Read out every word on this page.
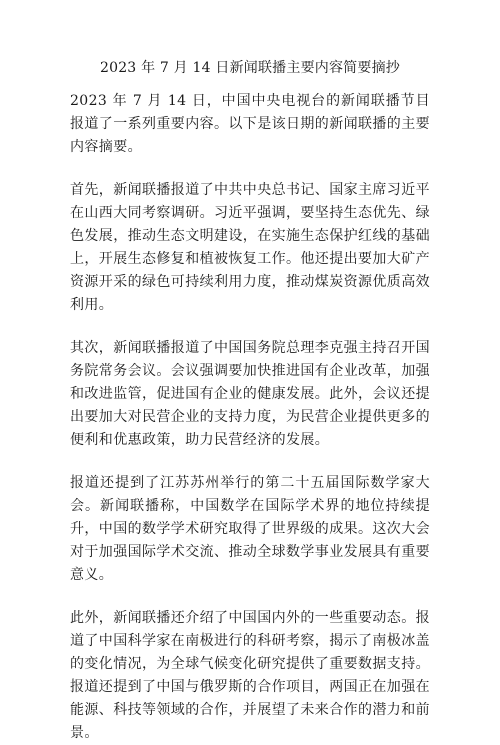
2023 年 7 月 14 日新闻联播主要内容简要摘抄

2023 年 7 月 14 日，中国中央电视台的新闻联播节目报道了一系列重要内容。以下是该日期的新闻联播的主要内容摘要。

首先，新闻联播报道了中共中央总书记、国家主席习近平在山西大同考察调研。习近平强调，要坚持生态优先、绿色发展，推动生态文明建设，在实施生态保护红线的基础上，开展生态修复和植被恢复工作。他还提出要加大矿产资源开采的绿色可持续利用力度，推动煤炭资源优质高效利用。

其次，新闻联播报道了中国国务院总理李克强主持召开国务院常务会议。会议强调要加快推进国有企业改革，加强和改进监管，促进国有企业的健康发展。此外，会议还提出要加大对民营企业的支持力度，为民营企业提供更多的便利和优惠政策，助力民营经济的发展。

报道还提到了江苏苏州举行的第二十五届国际数学家大会。新闻联播称，中国数学在国际学术界的地位持续提升，中国的数学学术研究取得了世界级的成果。这次大会对于加强国际学术交流、推动全球数学事业发展具有重要意义。

此外，新闻联播还介绍了中国国内外的一些重要动态。报道了中国科学家在南极进行的科研考察，揭示了南极冰盖的变化情况，为全球气候变化研究提供了重要数据支持。报道还提到了中国与俄罗斯的合作项目，两国正在加强在能源、科技等领域的合作，并展望了未来合作的潜力和前景。
